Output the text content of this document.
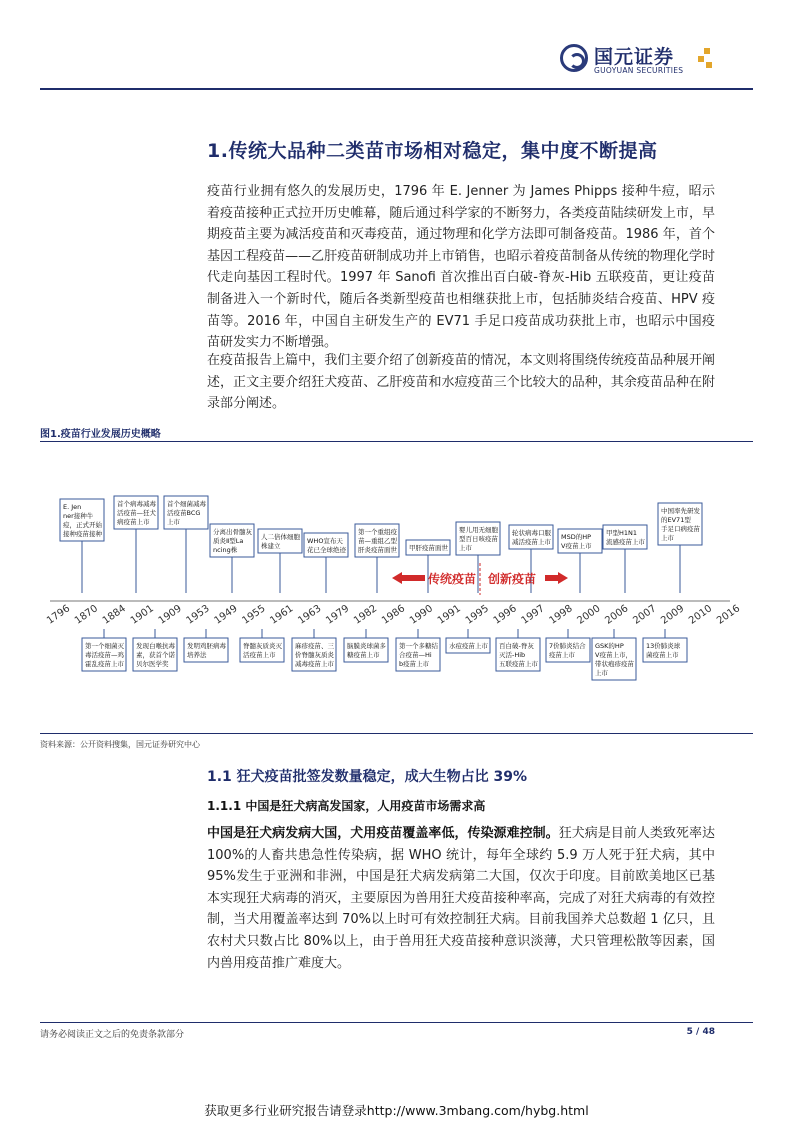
国元证券
GUOYUAN SECURITIES
1.传统大品种二类苗市场相对稳定，集中度不断提高
疫苗行业拥有悠久的发展历史，1796 年 E. Jenner 为 James Phipps 接种牛痘，昭示着疫苗接种正式拉开历史帷幕，随后通过科学家的不断努力，各类疫苗陆续研发上市，早期疫苗主要为减活疫苗和灭毒疫苗，通过物理和化学方法即可制备疫苗。1986 年，首个基因工程疫苗——乙肝疫苗研制成功并上市销售，也昭示着疫苗制备从传统的物理化学时代走向基因工程时代。1997 年 Sanofi 首次推出百白破-脊灰-Hib 五联疫苗，更让疫苗制备进入一个新时代，随后各类新型疫苗也相继获批上市，包括肺炎结合疫苗、HPV 疫苗等。2016 年，中国自主研发生产的 EV71 手足口疫苗成功获批上市，也昭示中国疫苗研发实力不断增强。
在疫苗报告上篇中，我们主要介绍了创新疫苗的情况，本文则将围绕传统疫苗品种展开阐述，正文主要介绍狂犬疫苗、乙肝疫苗和水痘疫苗三个比较大的品种，其余疫苗品种在附录部分阐述。
图1.疫苗行业发展历史概略
E. Jen
ner接种牛
痘，正式开始
接种疫苗接种
首个病毒减毒
活疫苗—狂犬
病疫苗上市
首个细菌减毒
活疫苗BCG
上市
分离出骨髓灰
质炎Ⅱ型La
ncing株
人二倍体细胞
株建立
WHO宣布天
花已全球绝迹
第一个重组疫
苗—重组乙型
肝炎疫苗面世 甲肝疫苗面世
婴儿用无细胞
型百日咳疫苗
上市
轮状病毒口服
减活疫苗上市
MSD的HP
V疫苗上市
甲型H1N1
流感疫苗上市
中国率先研发
的EV71型
手足口病疫苗
上市
第一个细菌灭
毒活疫苗—鸡
霍乱疫苗上市
发现白喉抗毒
素，获首个诺
贝尔医学奖
发明鸡胚病毒
培养法
脊髓灰质炎灭
活疫苗上市
麻疹疫苗、三
价脊髓灰质炎
减毒疫苗上市
脑膜炎球菌多
糖疫苗上市
第一个多糖结
合疫苗—Hi
b疫苗上市
水痘疫苗上市 百白破-脊灰
灭活-Hib
五联疫苗上市
7价肺炎结合
疫苗上市
GSK的HP
V疫苗上市，
带状疱疹疫苗
上市
13价肺炎球
菌疫苗上市
1796 1870 1884 1901 1909 1953 1949 1955 1961 1963 1979 1982 1986 1990 1991 1995 1996 1997 1998 2000 2006 2007 2009 2010 2016
传统疫苗 创新疫苗
资料来源：公开资料搜集，国元证券研究中心
1.1 狂犬疫苗批签发数量稳定，成大生物占比 39%
1.1.1 中国是狂犬病高发国家，人用疫苗市场需求高
中国是狂犬病发病大国，犬用疫苗覆盖率低，传染源难控制。狂犬病是目前人类致死率达 100%的人畜共患急性传染病，据 WHO 统计，每年全球约 5.9 万人死于狂犬病，其中 95%发生于亚洲和非洲，中国是狂犬病发病第二大国，仅次于印度。目前欧美地区已基本实现狂犬病毒的消灭，主要原因为兽用狂犬疫苗接种率高，完成了对狂犬病毒的有效控制，当犬用覆盖率达到 70%以上时可有效控制狂犬病。目前我国养犬总数超 1 亿只，且农村犬只数占比 80%以上，由于兽用狂犬疫苗接种意识淡薄，犬只管理松散等因素，国内兽用疫苗推广难度大。
请务必阅读正文之后的免责条款部分	5 / 48
获取更多行业研究报告请登录http://www.3mbang.com/hybg.html
